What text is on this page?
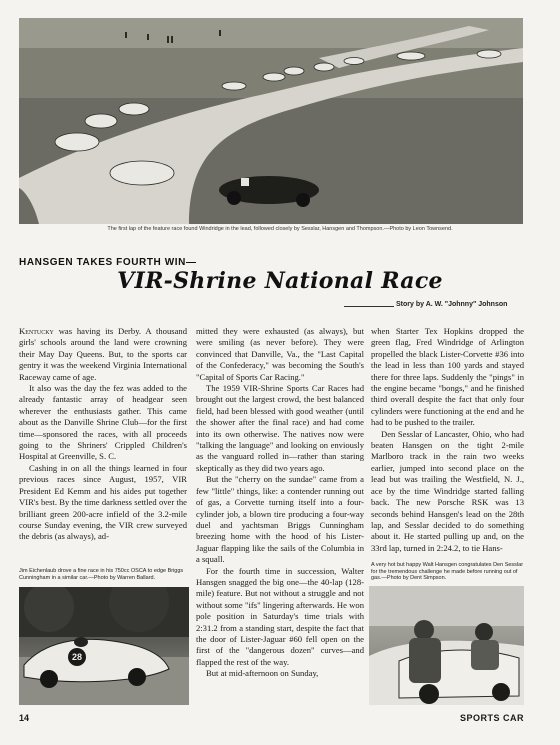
The first lap of the feature race found Windridge in the lead, followed closely by Sesslar, Hansgen and Thompson.—Photo by Leon Townsend.
HANSGEN TAKES FOURTH WIN—
VIR-Shrine National Race
Story by A. W. "Johnny" Johnson

Kentucky was having its Derby. A thousand girls' schools around the land were crowning their May Day Queens. But, to the sports car gentry it was the weekend Virginia International Raceway came of age.

It also was the day the fez was added to the already fantastic array of headgear seen wherever the enthusiasts gather. This came about as the Danville Shrine Club—for the first time—sponsored the races, with all proceeds going to the Shriners' Crippled Children's Hospital at Greenville, S. C.

Cashing in on all the things learned in four previous races since August, 1957, VIR President Ed Kemm and his aides put together VIR's best. By the time darkness settled over the brilliant green 200-acre infield of the 3.2-mile course Sunday evening, the VIR crew surveyed the debris (as always), ad-

Jim Eichenlaub drove a fine race in his 750cc OSCA to edge Briggs Cunningham in a similar car.—Photo by Warren Ballard.
28

mitted they were exhausted (as always), but were smiling (as never before). They were convinced that Danville, Va., the "Last Capital of the Confederacy," was becoming the South's "Capital of Sports Car Racing."

The 1959 VIR-Shrine Sports Car Races had brought out the largest crowd, the best balanced field, had been blessed with good weather (until the shower after the final race) and had come into its own otherwise. The natives now were "talking the language" and looking on enviously as the vanguard rolled in—rather than staring skeptically as they did two years ago.

But the "cherry on the sundae" came from a few "little" things, like: a contender running out of gas, a Corvette turning itself into a four-cylinder job, a blown tire producing a four-way duel and yachtsman Briggs Cunningham breezing home with the hood of his Lister-Jaguar flapping like the sails of the Columbia in a squall.

For the fourth time in succession, Walter Hansgen snagged the big one—the 40-lap (128-mile) feature. But not without a struggle and not without some "ifs" lingering afterwards. He won pole position in Saturday's time trials with 2:31.2 from a standing start, despite the fact that the door of Lister-Jaguar #60 fell open on the first of the "dangerous dozen" curves—and flapped the rest of the way.

But at mid-afternoon on Sunday,

when Starter Tex Hopkins dropped the green flag, Fred Windridge of Arlington propelled the black Lister-Corvette #36 into the lead in less than 100 yards and stayed there for three laps. Suddenly the "pings" in the engine became "bongs," and he finished third overall despite the fact that only four cylinders were functioning at the end and he had to be pushed to the trailer.

Den Sesslar of Lancaster, Ohio, who had beaten Hansgen on the tight 2-mile Marlboro track in the rain two weeks earlier, jumped into second place on the lead but was trailing the Westfield, N. J., ace by the time Windridge started falling back. The new Porsche RSK was 13 seconds behind Hansgen's lead on the 28th lap, and Sesslar decided to do something about it. He started pulling up and, on the 33rd lap, turned in 2:24.2, to tie Hans-

A very hot but happy Walt Hansgen congratulates Den Sesslar for the tremendous challenge he made before running out of gas.—Photo by Dent Simpson.
14	SPORTS CAR
